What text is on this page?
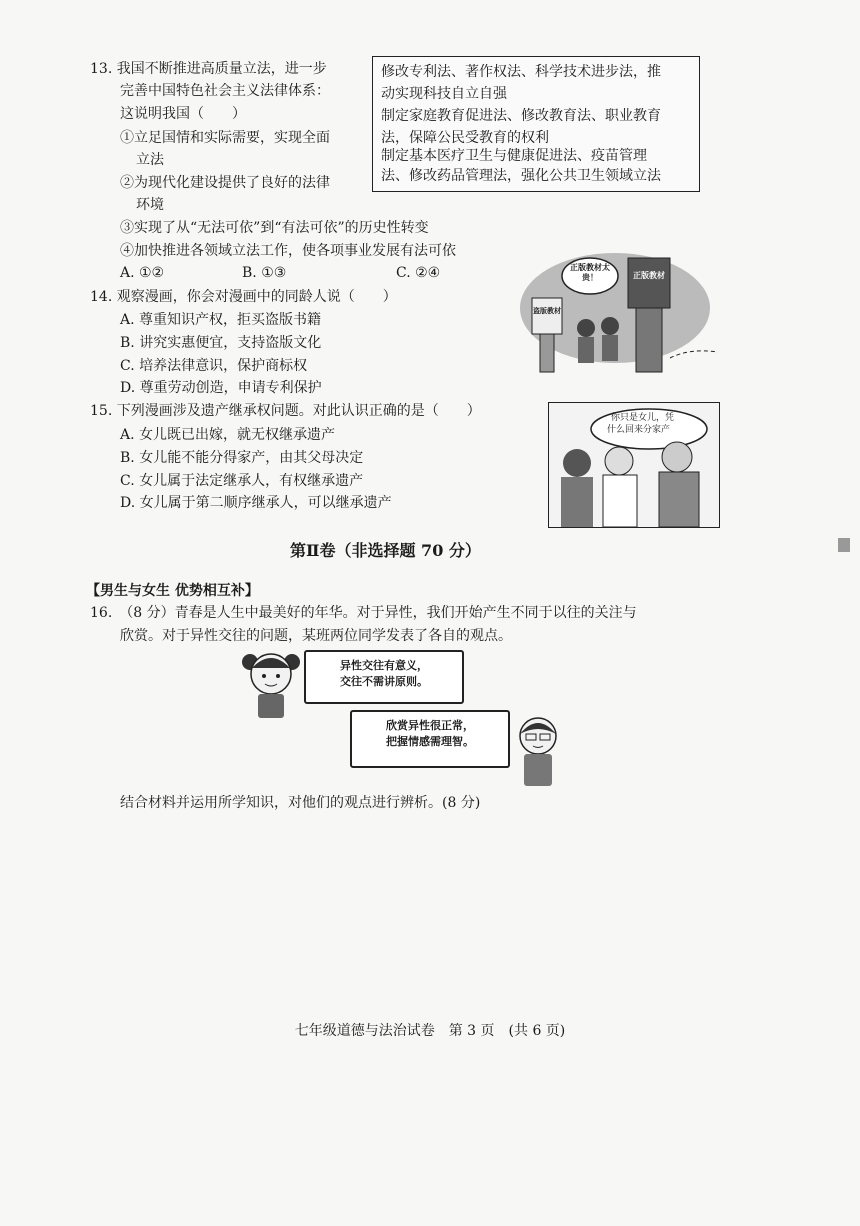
13. 我国不断推进高质量立法，进一步
完善中国特色社会主义法律体系：
这说明我国（　　）
①立足国情和实际需要，实现全面
立法
②为现代化建设提供了良好的法律
环境
③实现了从“无法可依”到“有法可依”的历史性转变
④加快推进各领域立法工作，使各项事业发展有法可依
A. ①②	B. ①③	C. ②④
修改专利法、著作权法、科学技术进步法，推
动实现科技自立自强
制定家庭教育促进法、修改教育法、职业教育
法，保障公民受教育的权利
制定基本医疗卫生与健康促进法、疫苗管理
法、修改药品管理法，强化公共卫生领域立法
14. 观察漫画，你会对漫画中的同龄人说（　　）
A. 尊重知识产权，拒买盗版书籍
B. 讲究实惠便宜，支持盗版文化
C. 培养法律意识，保护商标权
D. 尊重劳动创造，申请专利保护
正版教材太贵！	正版教材
盗版教材
15. 下列漫画涉及遗产继承权问题。对此认识正确的是（　　）
A. 女儿既已出嫁，就无权继承遗产
B. 女儿能不能分得家产，由其父母决定
C. 女儿属于法定继承人，有权继承遗产
D. 女儿属于第二顺序继承人，可以继承遗产
你只是女儿，凭
什么回来分家产
第Ⅱ卷（非选择题 70 分）
【男生与女生 优势相互补】
16.　（8 分）青春是人生中最美好的年华。对于异性，我们开始产生不同于以往的关注与
欣赏。对于异性交往的问题，某班两位同学发表了各自的观点。
异性交往有意义，
交往不需讲原则。
欣赏异性很正常，
把握情感需理智。
结合材料并运用所学知识，对他们的观点进行辨析。(8 分)
七年级道德与法治试卷　第 3 页　(共 6 页)
